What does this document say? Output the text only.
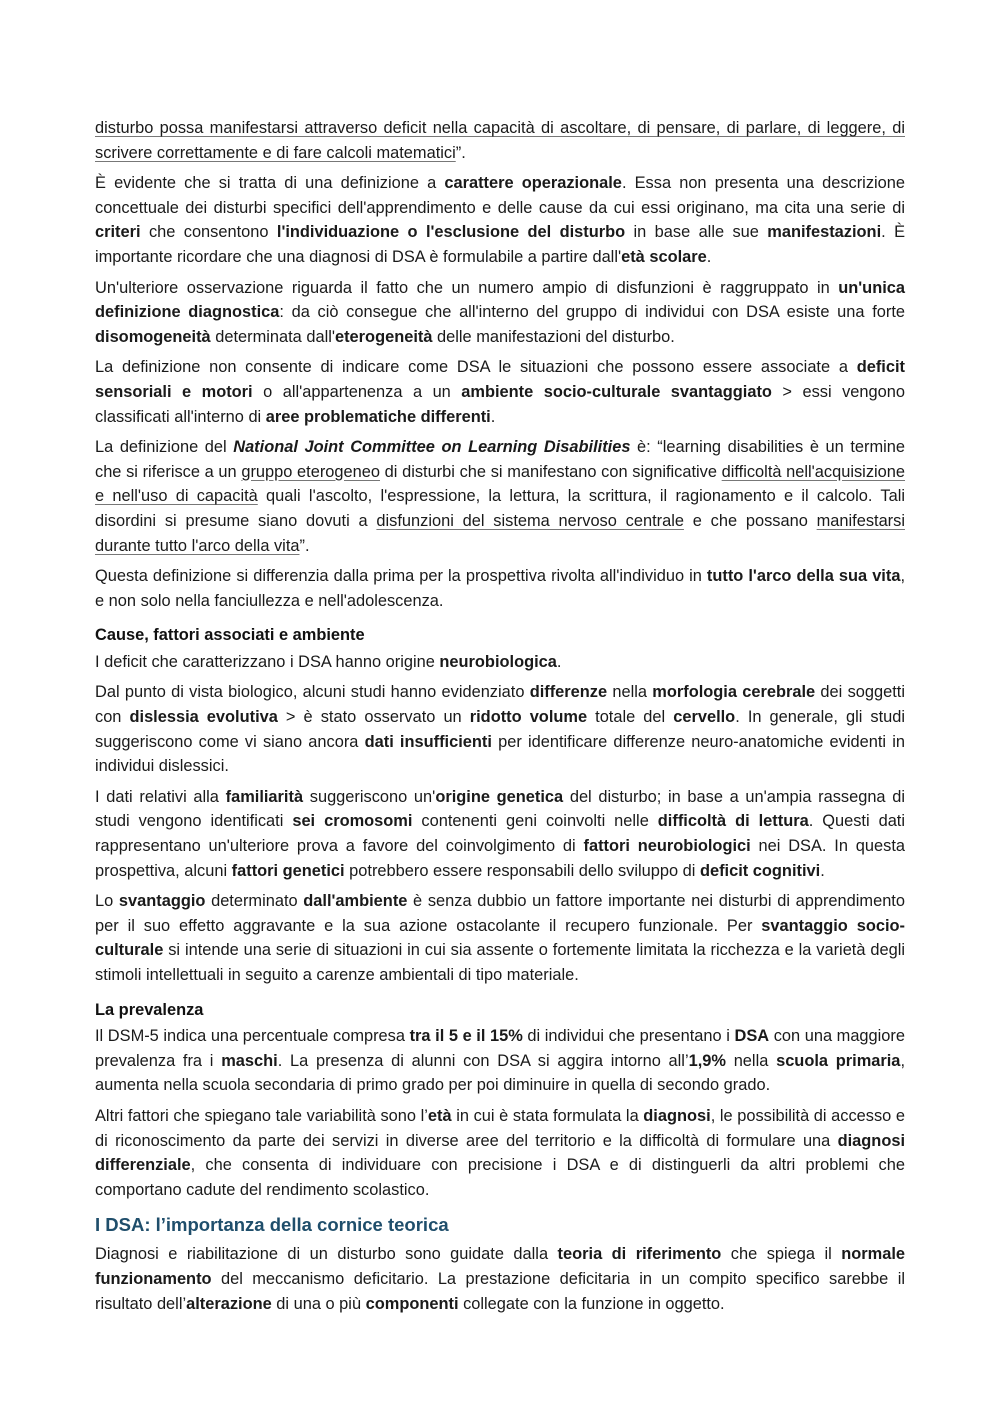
disturbo possa manifestarsi attraverso deficit nella capacità di ascoltare, di pensare, di parlare, di leggere, di scrivere correttamente e di fare calcoli matematici”.

È evidente che si tratta di una definizione a carattere operazionale. Essa non presenta una descrizione concettuale dei disturbi specifici dell'apprendimento e delle cause da cui essi originano, ma cita una serie di criteri che consentono l'individuazione o l'esclusione del disturbo in base alle sue manifestazioni. È importante ricordare che una diagnosi di DSA è formulabile a partire dall'età scolare.

Un'ulteriore osservazione riguarda il fatto che un numero ampio di disfunzioni è raggruppato in un'unica definizione diagnostica: da ciò consegue che all'interno del gruppo di individui con DSA esiste una forte disomogeneità determinata dall'eterogeneità delle manifestazioni del disturbo.

La definizione non consente di indicare come DSA le situazioni che possono essere associate a deficit sensoriali e motori o all'appartenenza a un ambiente socio-culturale svantaggiato > essi vengono classificati all'interno di aree problematiche differenti.

La definizione del National Joint Committee on Learning Disabilities è: “learning disabilities è un termine che si riferisce a un gruppo eterogeneo di disturbi che si manifestano con significative difficoltà nell'acquisizione e nell'uso di capacità quali l'ascolto, l'espressione, la lettura, la scrittura, il ragionamento e il calcolo. Tali disordini si presume siano dovuti a disfunzioni del sistema nervoso centrale e che possano manifestarsi durante tutto l'arco della vita”.

Questa definizione si differenzia dalla prima per la prospettiva rivolta all'individuo in tutto l'arco della sua vita, e non solo nella fanciullezza e nell'adolescenza.

Cause, fattori associati e ambiente

I deficit che caratterizzano i DSA hanno origine neurobiologica.

Dal punto di vista biologico, alcuni studi hanno evidenziato differenze nella morfologia cerebrale dei soggetti con dislessia evolutiva > è stato osservato un ridotto volume totale del cervello. In generale, gli studi suggeriscono come vi siano ancora dati insufficienti per identificare differenze neuro-anatomiche evidenti in individui dislessici.

I dati relativi alla familiarità suggeriscono un'origine genetica del disturbo; in base a un'ampia rassegna di studi vengono identificati sei cromosomi contenenti geni coinvolti nelle difficoltà di lettura. Questi dati rappresentano un'ulteriore prova a favore del coinvolgimento di fattori neurobiologici nei DSA. In questa prospettiva, alcuni fattori genetici potrebbero essere responsabili dello sviluppo di deficit cognitivi.

Lo svantaggio determinato dall'ambiente è senza dubbio un fattore importante nei disturbi di apprendimento per il suo effetto aggravante e la sua azione ostacolante il recupero funzionale. Per svantaggio socio-culturale si intende una serie di situazioni in cui sia assente o fortemente limitata la ricchezza e la varietà degli stimoli intellettuali in seguito a carenze ambientali di tipo materiale.

La prevalenza

Il DSM-5 indica una percentuale compresa tra il 5 e il 15% di individui che presentano i DSA con una maggiore prevalenza fra i maschi. La presenza di alunni con DSA si aggira intorno all’1,9% nella scuola primaria, aumenta nella scuola secondaria di primo grado per poi diminuire in quella di secondo grado.

Altri fattori che spiegano tale variabilità sono l’età in cui è stata formulata la diagnosi, le possibilità di accesso e di riconoscimento da parte dei servizi in diverse aree del territorio e la difficoltà di formulare una diagnosi differenziale, che consenta di individuare con precisione i DSA e di distinguerli da altri problemi che comportano cadute del rendimento scolastico.

I DSA: l’importanza della cornice teorica

Diagnosi e riabilitazione di un disturbo sono guidate dalla teoria di riferimento che spiega il normale funzionamento del meccanismo deficitario. La prestazione deficitaria in un compito specifico sarebbe il risultato dell’alterazione di una o più componenti collegate con la funzione in oggetto.
